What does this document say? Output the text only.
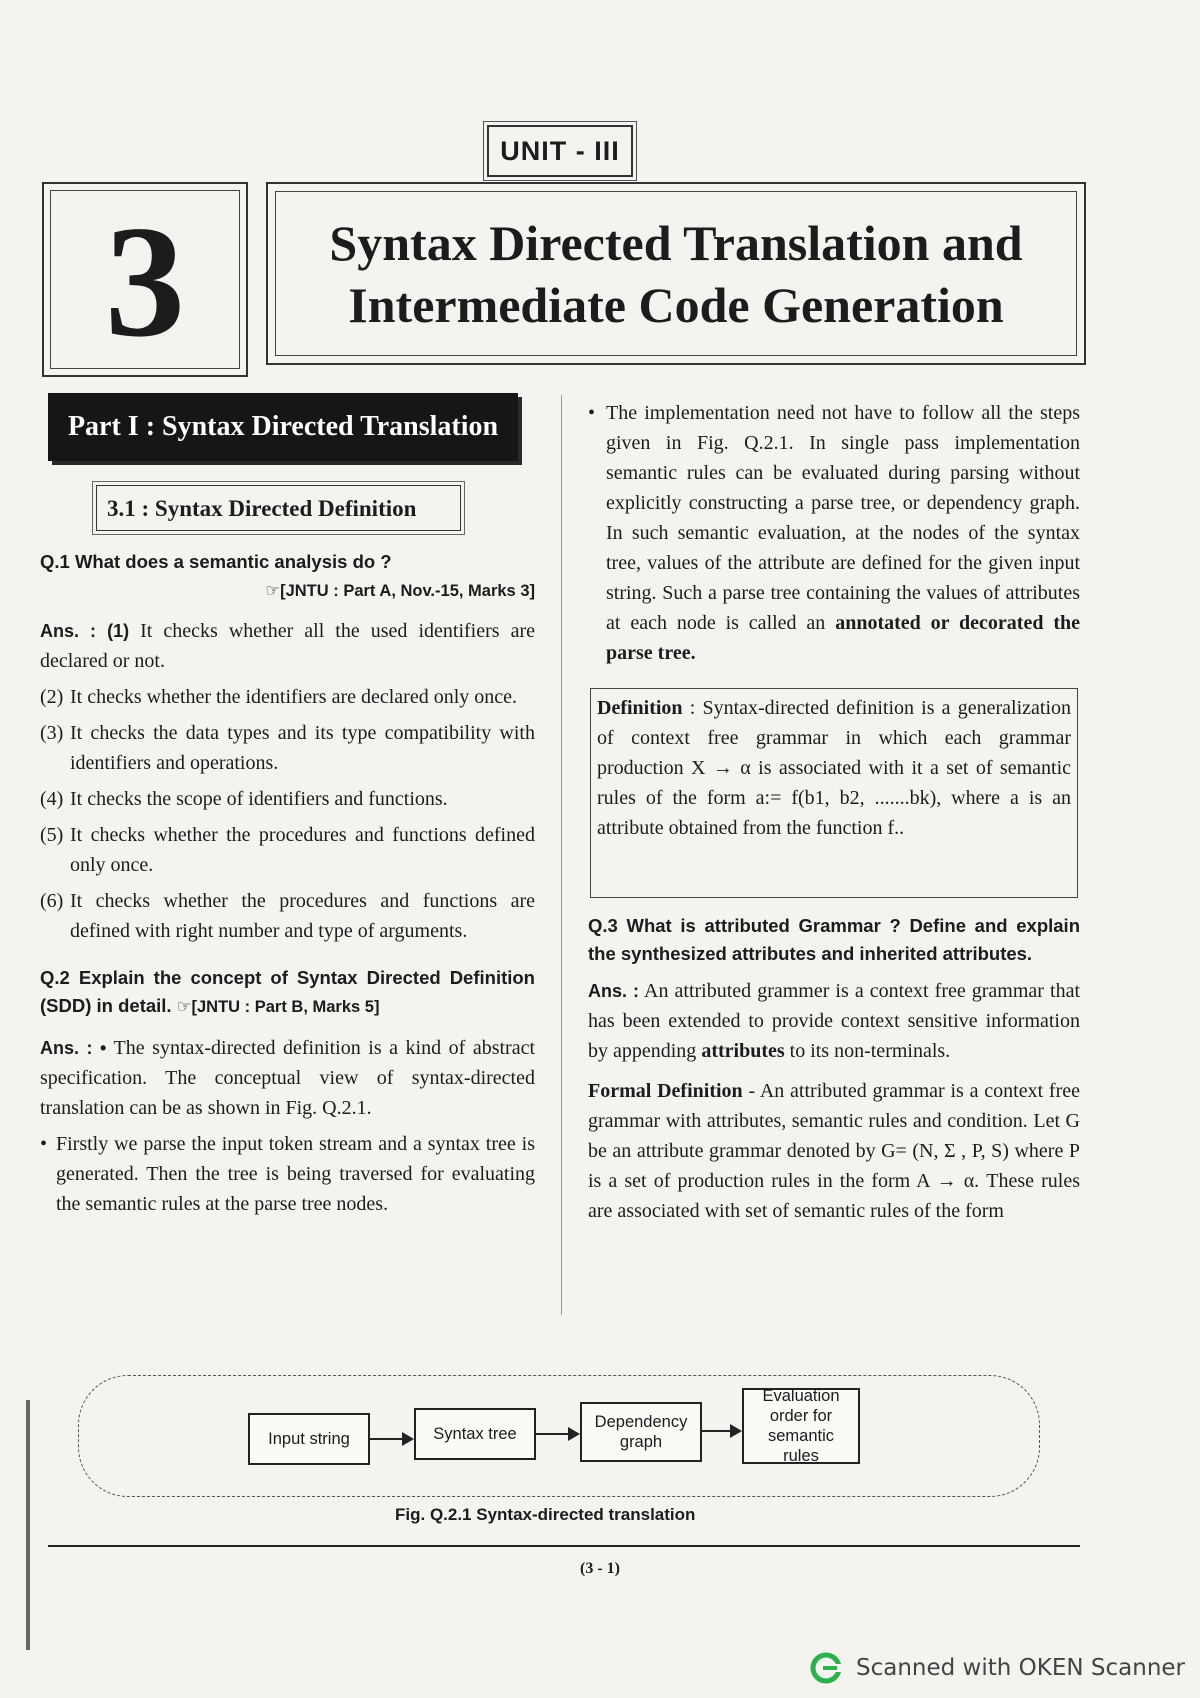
UNIT - III
3	Syntax Directed Translation and
Intermediate Code Generation
Part I : Syntax Directed Translation
3.1 : Syntax Directed Definition

Q.1 What does a semantic analysis do ?

☞[JNTU : Part A, Nov.-15, Marks 3]

Ans. : (1) It checks whether all the used identifiers are declared or not.

(2) It checks whether the identifiers are declared only once.
(3) It checks the data types and its type compatibility with identifiers and operations.
(4) It checks the scope of identifiers and functions.
(5) It checks whether the procedures and functions defined only once.
(6) It checks whether the procedures and functions are defined with right number and type of arguments.

Q.2 Explain the concept of Syntax Directed Definition (SDD) in detail. ☞[JNTU : Part B, Marks 5]

Ans. : • The syntax-directed definition is a kind of abstract specification. The conceptual view of syntax-directed translation can be as shown in Fig. Q.2.1.

• Firstly we parse the input token stream and a syntax tree is generated. Then the tree is being traversed for evaluating the semantic rules at the parse tree nodes.
• The implementation need not have to follow all the steps given in Fig. Q.2.1. In single pass implementation semantic rules can be evaluated during parsing without explicitly constructing a parse tree, or dependency graph. In such semantic evaluation, at the nodes of the syntax tree, values of the attribute are defined for the given input string. Such a parse tree containing the values of attributes at each node is called an annotated or decorated the parse tree.
Definition : Syntax-directed definition is a generalization of context free grammar in which each grammar production X → α is associated with it a set of semantic rules of the form a:= f(b1, b2, .......bk), where a is an attribute obtained from the function f..

Q.3 What is attributed Grammar ? Define and explain the synthesized attributes and inherited attributes.

Ans. : An attributed grammer is a context free grammar that has been extended to provide context sensitive information by appending attributes to its non-terminals.

Formal Definition - An attributed grammar is a context free grammar with attributes, semantic rules and condition. Let G be an attribute grammar denoted by G= (N, Σ , P, S) where P is a set of production rules in the form A → α. These rules are associated with set of semantic rules of the form

Input string	Syntax tree
Dependency graph
Evaluation order for semantic rules
Fig. Q.2.1 Syntax-directed translation
(3 - 1)
Scanned with OKEN Scanner
